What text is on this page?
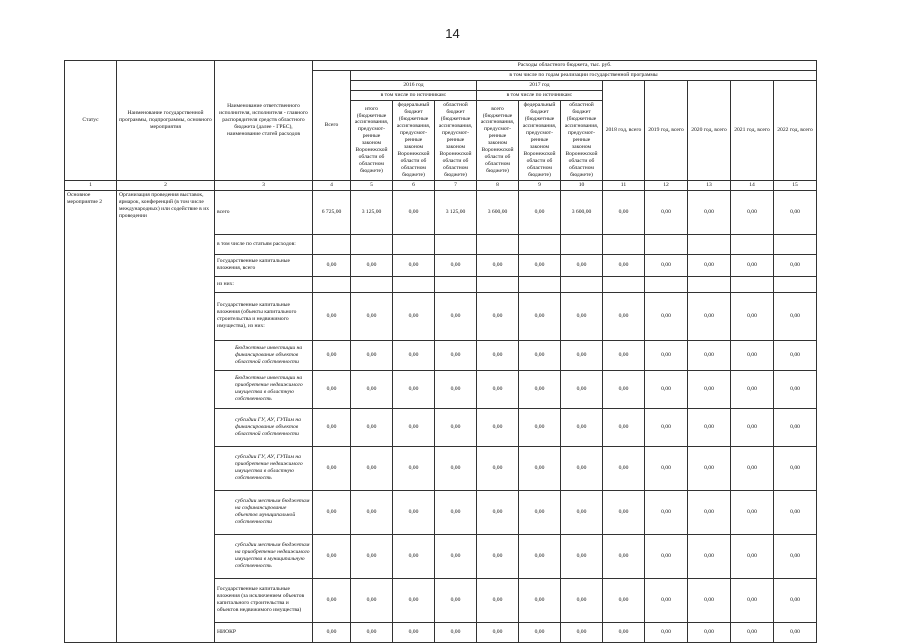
14
Статус	Наименование государственной программы, подпрограммы, основного мероприятия	Наименование ответственного исполнителя, исполнителя - главного распорядителя средств областного бюджета (далее - ГРБС), наименование статей расходов	Расходы областного бюджета, тыс. руб.											
			Всего	в том числе по годам реализации государственной программы										
				2016 год			2017 год			2018 год, всего	2019 год, всего	2020 год, всего	2021 год, всего	2022 год, всего
				в том числе по источникам:			в том числе по источникам:							
				итого (бюджетные ассигнования, предусмот-ренные законом Воронежской области об областном бюджете)	федеральный бюджет (бюджетные ассигнования, предусмот-ренные законом Воронежской области об областном бюджете)	областной бюджет (бюджетные ассигнования, предусмот-ренные законом Воронежской области об областном бюджете)	всего (бюджетные ассигнования, предусмот-ренные законом Воронежской области об областном бюджете)	федеральный бюджет (бюджетные ассигнования, предусмот-ренные законом Воронежской области об областном бюджете)	областной бюджет (бюджетные ассигнования, предусмот-ренные законом Воронежской области об областном бюджете)					
1	2	3	4	5	6	7	8	9	10	11	12	13	14	15
Основное мероприятие 2	Организация проведения выставок, ярмарок, конференций (в том числе международных) или содействие в их проведении	всего	6 725,00	3 125,00	0,00	3 125,00	3 600,00	0,00	3 600,00	0,00	0,00	0,00	0,00	0,00
		в том числе по статьям расходов:												
		Государственные капитальные вложения, всего	0,00	0,00	0,00	0,00	0,00	0,00	0,00	0,00	0,00	0,00	0,00	0,00
		из них:												
		Государственные капитальные вложения (объекты капитального строительства и недвижимого имущества), из них:	0,00	0,00	0,00	0,00	0,00	0,00	0,00	0,00	0,00	0,00	0,00	0,00
		Бюджетные инвестиции на финансирование объектов областной собственности	0,00	0,00	0,00	0,00	0,00	0,00	0,00	0,00	0,00	0,00	0,00	0,00
		Бюджетные инвестиции на приобретение недвижимого имущества в областную собственность	0,00	0,00	0,00	0,00	0,00	0,00	0,00	0,00	0,00	0,00	0,00	0,00
		субсидии ГУ, АУ, ГУПам на финансирование объектов областной собственности	0,00	0,00	0,00	0,00	0,00	0,00	0,00	0,00	0,00	0,00	0,00	0,00
		субсидии ГУ, АУ, ГУПам на приобретение недвижимого имущества в областную собственность	0,00	0,00	0,00	0,00	0,00	0,00	0,00	0,00	0,00	0,00	0,00	0,00
		субсидии местным бюджетам на софинансирование объектов муниципальной собственности	0,00	0,00	0,00	0,00	0,00	0,00	0,00	0,00	0,00	0,00	0,00	0,00
		субсидии местным бюджетам на приобретение недвижимого имущества в муниципальную собственность	0,00	0,00	0,00	0,00	0,00	0,00	0,00	0,00	0,00	0,00	0,00	0,00
		Государственные капитальные вложения (за исключением объектов капитального строительства и объектов недвижимого имущества)	0,00	0,00	0,00	0,00	0,00	0,00	0,00	0,00	0,00	0,00	0,00	0,00
		НИОКР	0,00	0,00	0,00	0,00	0,00	0,00	0,00	0,00	0,00	0,00	0,00	0,00
